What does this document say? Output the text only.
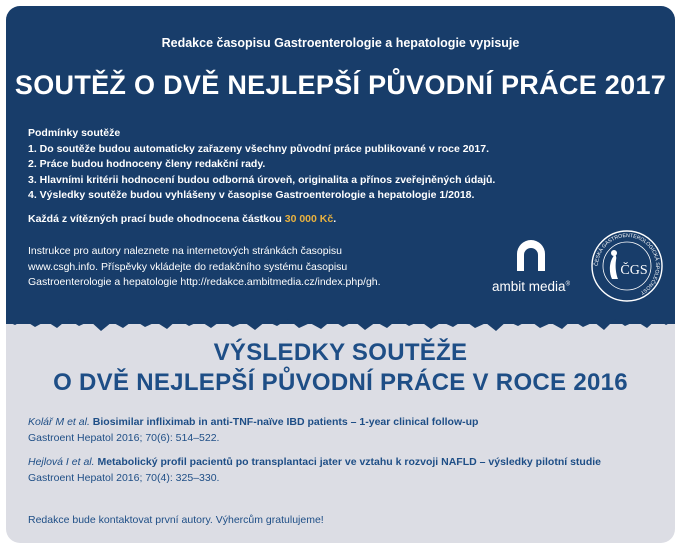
Redakce časopisu Gastroenterologie a hepatologie vypisuje
SOUTĚŽ O DVĚ NEJLEPŠÍ PŮVODNÍ PRÁCE 2017
Podmínky soutěže
1. Do soutěže budou automaticky zařazeny všechny původní práce publikované v roce 2017.
2. Práce budou hodnoceny členy redakční rady.
3. Hlavními kritérii hodnocení budou odborná úroveň, originalita a přínos zveřejněných údajů.
4. Výsledky soutěže budou vyhlášeny v časopise Gastroenterologie a hepatologie 1/2018.
Každá z vítězných prací bude ohodnocena částkou 30 000 Kč.
Instrukce pro autory naleznete na internetových stránkách časopisu
www.csgh.info. Příspěvky vkládejte do redakčního systému časopisu
Gastroenterologie a hepatologie http://redakce.ambitmedia.cz/index.php/gh.	ambit media®
ČESKÁ GASTROENTEROLOGICKÁ SPOLEČNOST
ČGS
VÝSLEDKY SOUTĚŽE
O DVĚ NEJLEPŠÍ PŮVODNÍ PRÁCE V ROCE 2016
Kolář M et al. Biosimilar infliximab in anti-TNF-naïve IBD patients – 1-year clinical follow-up
Gastroent Hepatol 2016; 70(6): 514–522.
Hejlová I et al. Metabolický profil pacientů po transplantaci jater ve vztahu k rozvoji NAFLD – výsledky pilotní studie
Gastroent Hepatol 2016; 70(4): 325–330.
Redakce bude kontaktovat první autory. Výhercům gratulujeme!
